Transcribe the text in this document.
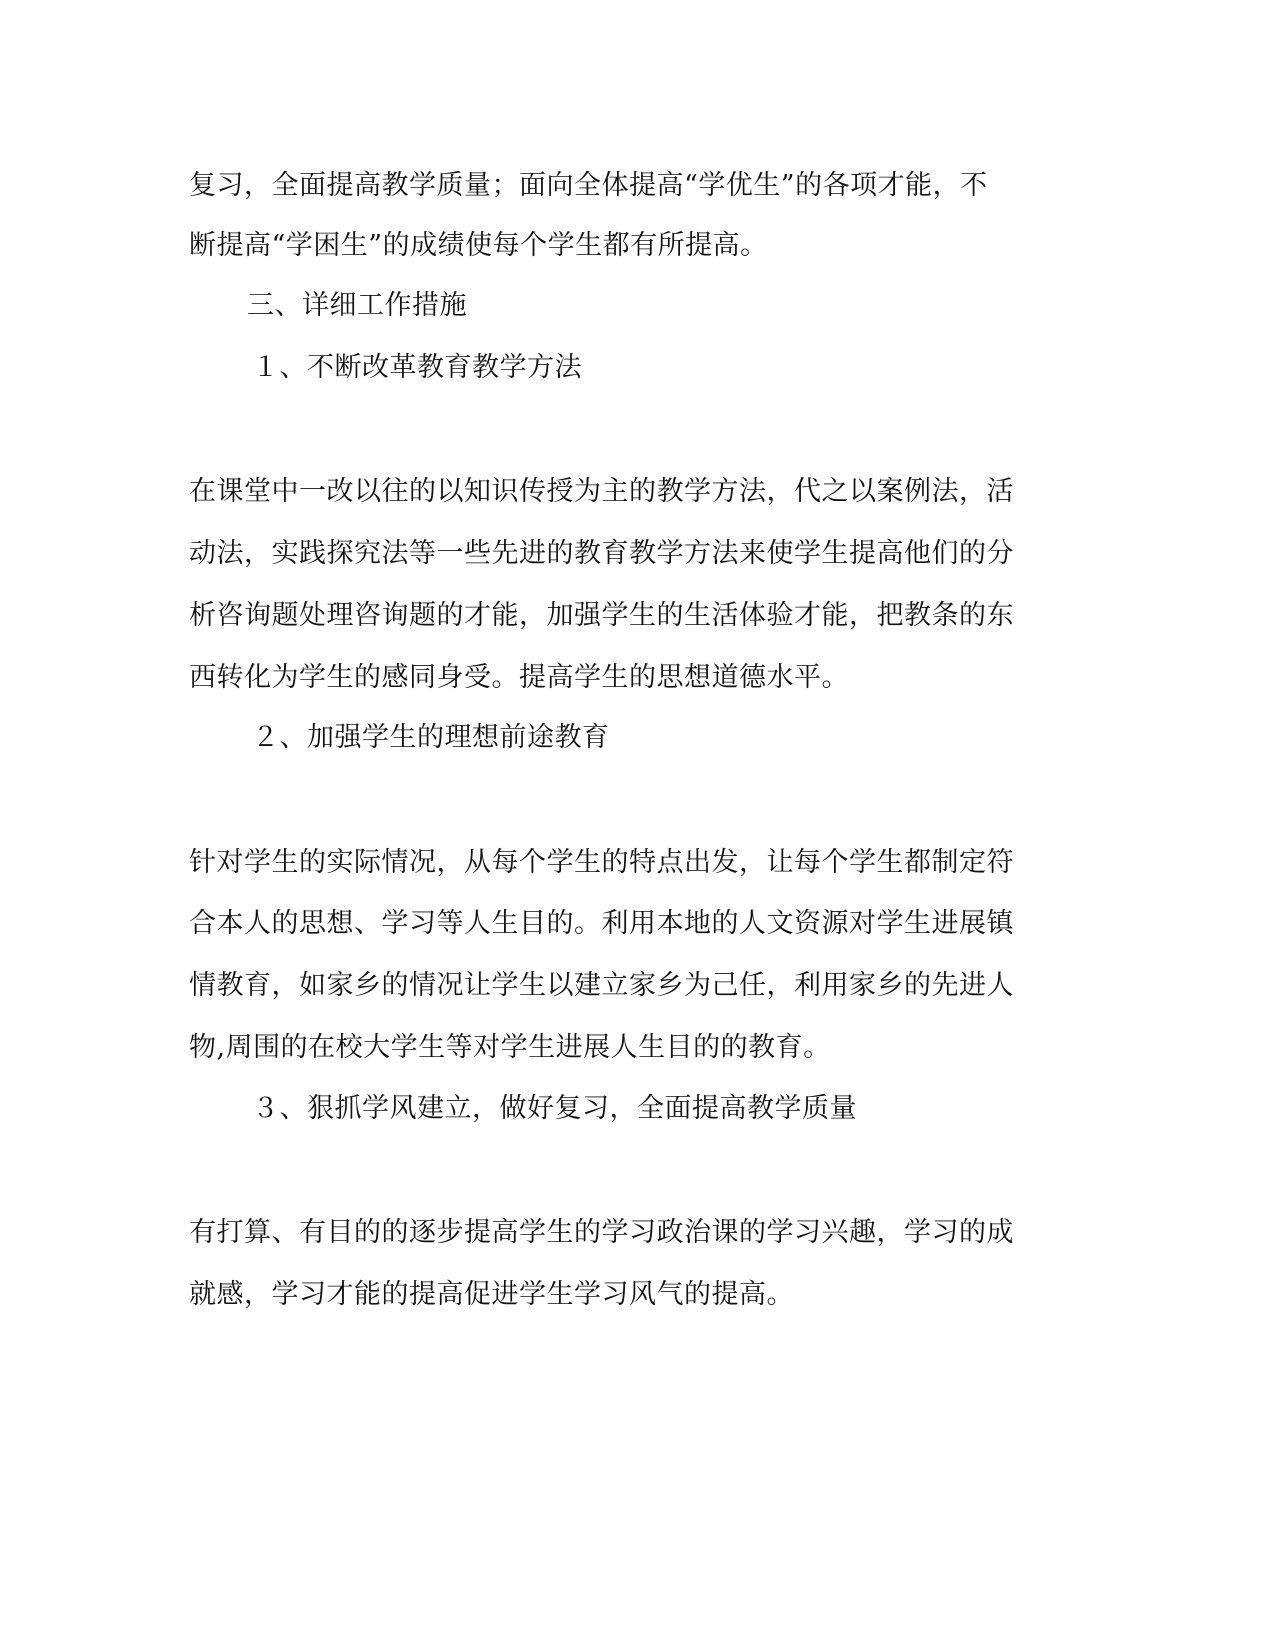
复习，全面提高教学质量；面向全体提高“学优生”的各项才能，不
断提高“学困生”的成绩使每个学生都有所提高。
三、详细工作措施
１、不断改革教育教学方法
在课堂中一改以往的以知识传授为主的教学方法，代之以案例法，活
动法，实践探究法等一些先进的教育教学方法来使学生提高他们的分
析咨询题处理咨询题的才能，加强学生的生活体验才能，把教条的东
西转化为学生的感同身受。提高学生的思想道德水平。
２、加强学生的理想前途教育
针对学生的实际情况，从每个学生的特点出发，让每个学生都制定符
合本人的思想、学习等人生目的。利用本地的人文资源对学生进展镇
情教育，如家乡的情况让学生以建立家乡为己任，利用家乡的先进人
物,周围的在校大学生等对学生进展人生目的的教育。
３、狠抓学风建立，做好复习，全面提高教学质量
有打算、有目的的逐步提高学生的学习政治课的学习兴趣，学习的成
就感，学习才能的提高促进学生学习风气的提高。
